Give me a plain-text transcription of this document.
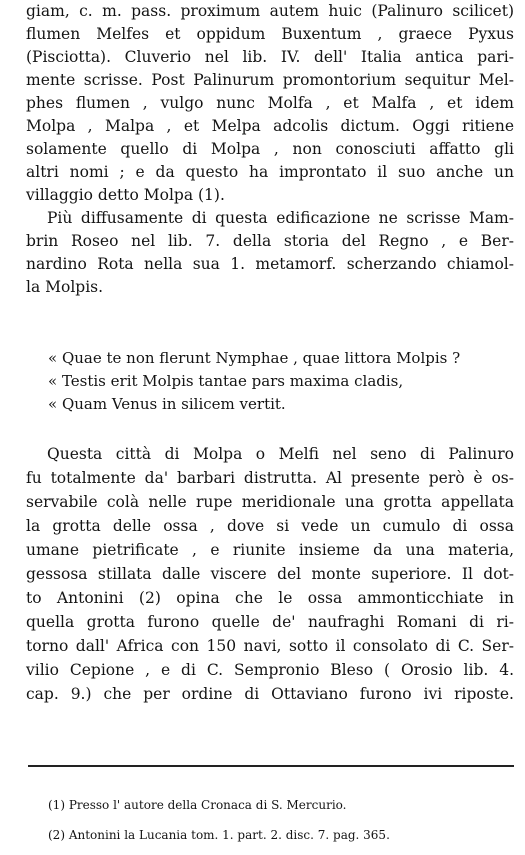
giam, c. m. pass. proximum autem huic (Palinuro scilicet)
flumen Melfes et oppidum Buxentum , graece Pyxus
(Pisciotta). Cluverio nel lib. IV. dell' Italia antica pari-
mente scrisse. Post Palinurum promontorium sequitur Mel-
phes flumen , vulgo nunc Molfa , et Malfa , et idem
Molpa , Malpa , et Melpa adcolis dictum. Oggi ritiene
solamente quello di Molpa , non conosciuti affatto gli
altri nomi ; e da questo ha improntato il suo anche un
villaggio detto Molpa (1).
Più diffusamente di questa edificazione ne scrisse Mam-
brin Roseo nel lib. 7. della storia del Regno , e Ber-
nardino Rota nella sua 1. metamorf. scherzando chiamol-
la Molpis.
« Quae te non flerunt Nymphae , quae littora Molpis ?
« Testis erit Molpis tantae pars maxima cladis,
« Quam Venus in silicem vertit.
Questa città di Molpa o Melfi nel seno di Palinuro
fu totalmente da' barbari distrutta. Al presente però è os-
servabile colà nelle rupe meridionale una grotta appellata
la grotta delle ossa , dove si vede un cumulo di ossa
umane pietrificate , e riunite insieme da una materia,
gessosa stillata dalle viscere del monte superiore. Il dot-
to Antonini (2) opina che le ossa ammonticchiate in
quella grotta furono quelle de' naufraghi Romani di ri-
torno dall' Africa con 150 navi, sotto il consolato di C. Ser-
vilio Cepione , e di C. Sempronio Bleso ( Orosio lib. 4.
cap. 9.) che per ordine di Ottaviano furono ivi riposte.
(1) Presso l' autore della Cronaca di S. Mercurio.
(2) Antonini la Lucania tom. 1. part. 2. disc. 7. pag. 365.
